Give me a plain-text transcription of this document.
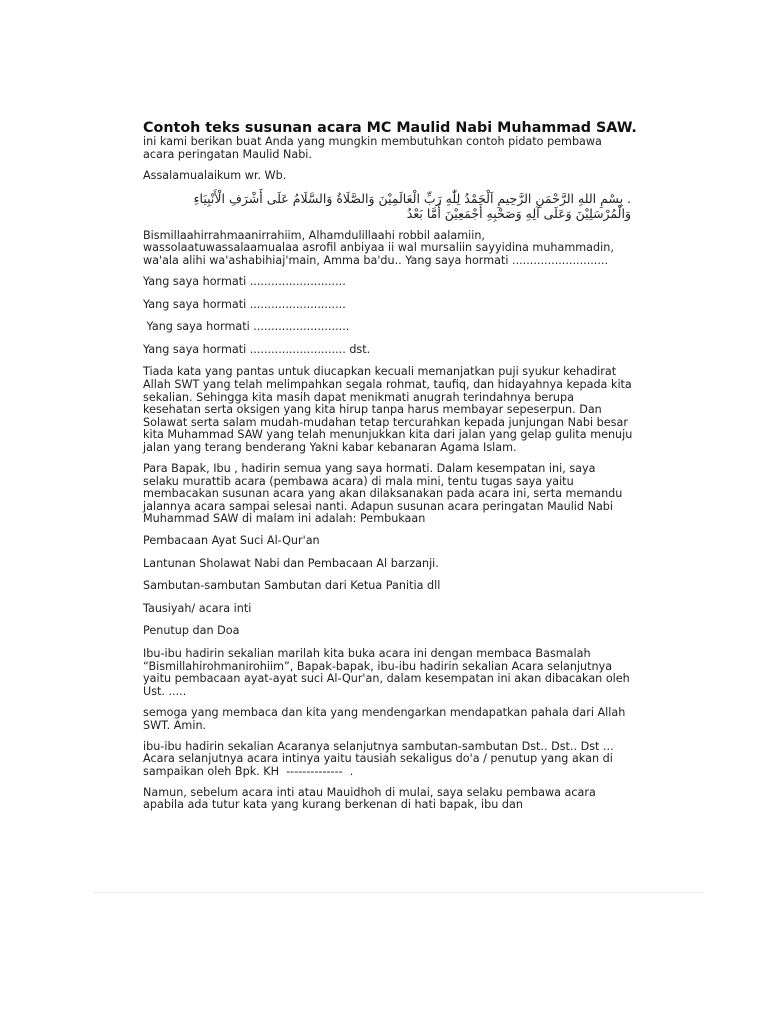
Contoh teks susunan acara MC Maulid Nabi Muhammad SAW.

ini kami berikan buat Anda yang mungkin membutuhkan contoh pidato pembawa acara peringatan Maulid Nabi.

Assalamualaikum wr. Wb.

. بِسْمِ اللهِ الرَّحْمَنِ الرَّحِيمِ اَلْحَمْدُ لِلّٰهِ رَبِّ الْعَالَمِيْنَ وَالصَّلَاةُ وَالسَّلَامُ عَلَى أَشْرَفِ الْأَنْبِيَاءِ وَالْمُرْسَلِيْنَ وَعَلَى آلِهِ وَصَحْبِهِ أَجْمَعِيْنَ أَمَّا بَعْدُ

Bismillaahirrahmaanirrahiim, Alhamdulillaahi robbil aalamiin, wassolaatuwassalaamualaa asrofil anbiyaa ii wal mursaliin sayyidina muhammadin, wa'ala alihi wa'ashabihiaj'main, Amma ba'du.. Yang saya hormati ...........................

Yang saya hormati ...........................

Yang saya hormati ...........................

Yang saya hormati ...........................

Yang saya hormati ........................... dst.

Tiada kata yang pantas untuk diucapkan kecuali memanjatkan puji syukur kehadirat Allah SWT yang telah melimpahkan segala rohmat, taufiq, dan hidayahnya kepada kita sekalian. Sehingga kita masih dapat menikmati anugrah terindahnya berupa kesehatan serta oksigen yang kita hirup tanpa harus membayar sepeserpun. Dan Solawat serta salam mudah-mudahan tetap tercurahkan kepada junjungan Nabi besar kita Muhammad SAW yang telah menunjukkan kita dari jalan yang gelap gulita menuju jalan yang terang benderang Yakni kabar kebanaran Agama Islam.

Para Bapak, Ibu , hadirin semua yang saya hormati. Dalam kesempatan ini, saya selaku murattib acara (pembawa acara) di mala mini, tentu tugas saya yaitu membacakan susunan acara yang akan dilaksanakan pada acara ini, serta memandu jalannya acara sampai selesai nanti. Adapun susunan acara peringatan Maulid Nabi Muhammad SAW di malam ini adalah: Pembukaan

Pembacaan Ayat Suci Al-Qur'an

Lantunan Sholawat Nabi dan Pembacaan Al barzanji.

Sambutan-sambutan Sambutan dari Ketua Panitia dll

Tausiyah/ acara inti

Penutup dan Doa

Ibu-ibu hadirin sekalian marilah kita buka acara ini dengan membaca Basmalah “Bismillahirohmanirohiim”, Bapak-bapak, ibu-ibu hadirin sekalian Acara selanjutnya yaitu pembacaan ayat-ayat suci Al-Qur'an, dalam kesempatan ini akan dibacakan oleh Ust. .....

semoga yang membaca dan kita yang mendengarkan mendapatkan pahala dari Allah SWT. Amin.

ibu-ibu hadirin sekalian Acaranya selanjutnya sambutan-sambutan Dst.. Dst.. Dst ... Acara selanjutnya acara intinya yaitu tausiah sekaligus do'a / penutup yang akan di sampaikan oleh Bpk. KH  --------------  .

Namun, sebelum acara inti atau Mauidhoh di mulai, saya selaku pembawa acara apabila ada tutur kata yang kurang berkenan di hati bapak, ibu dan
